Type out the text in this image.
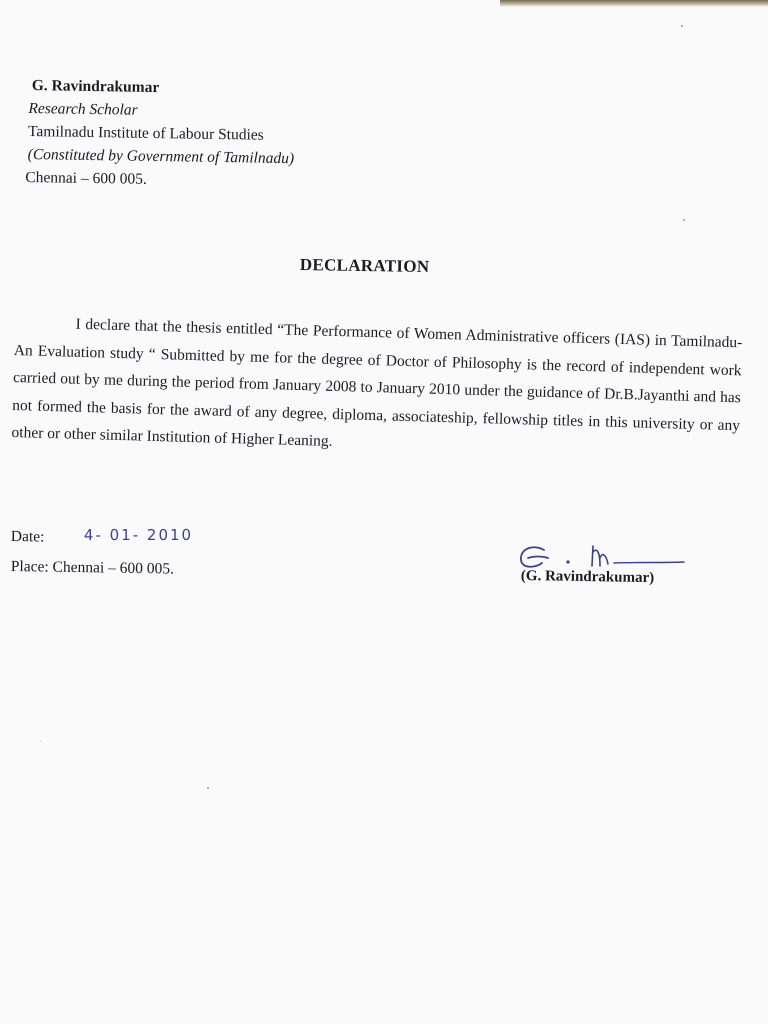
G. Ravindrakumar
Research Scholar
Tamilnadu Institute of Labour Studies
(Constituted by Government of Tamilnadu)
Chennai – 600 005.
DECLARATION

I declare that the thesis entitled “The Performance of Women Administrative officers (IAS) in Tamilnadu- An Evaluation study “ Submitted by me for the degree of Doctor of Philosophy is the record of independent work carried out by me during the period from January 2008 to January 2010 under the guidance of Dr.B.Jayanthi and has not formed the basis for the award of any degree, diploma, associateship, fellowship titles in this university or any other or other similar Institution of Higher Leaning.

Date:	4- 01- 2010
Place: Chennai – 600 005.	(G. Ravindrakumar)
